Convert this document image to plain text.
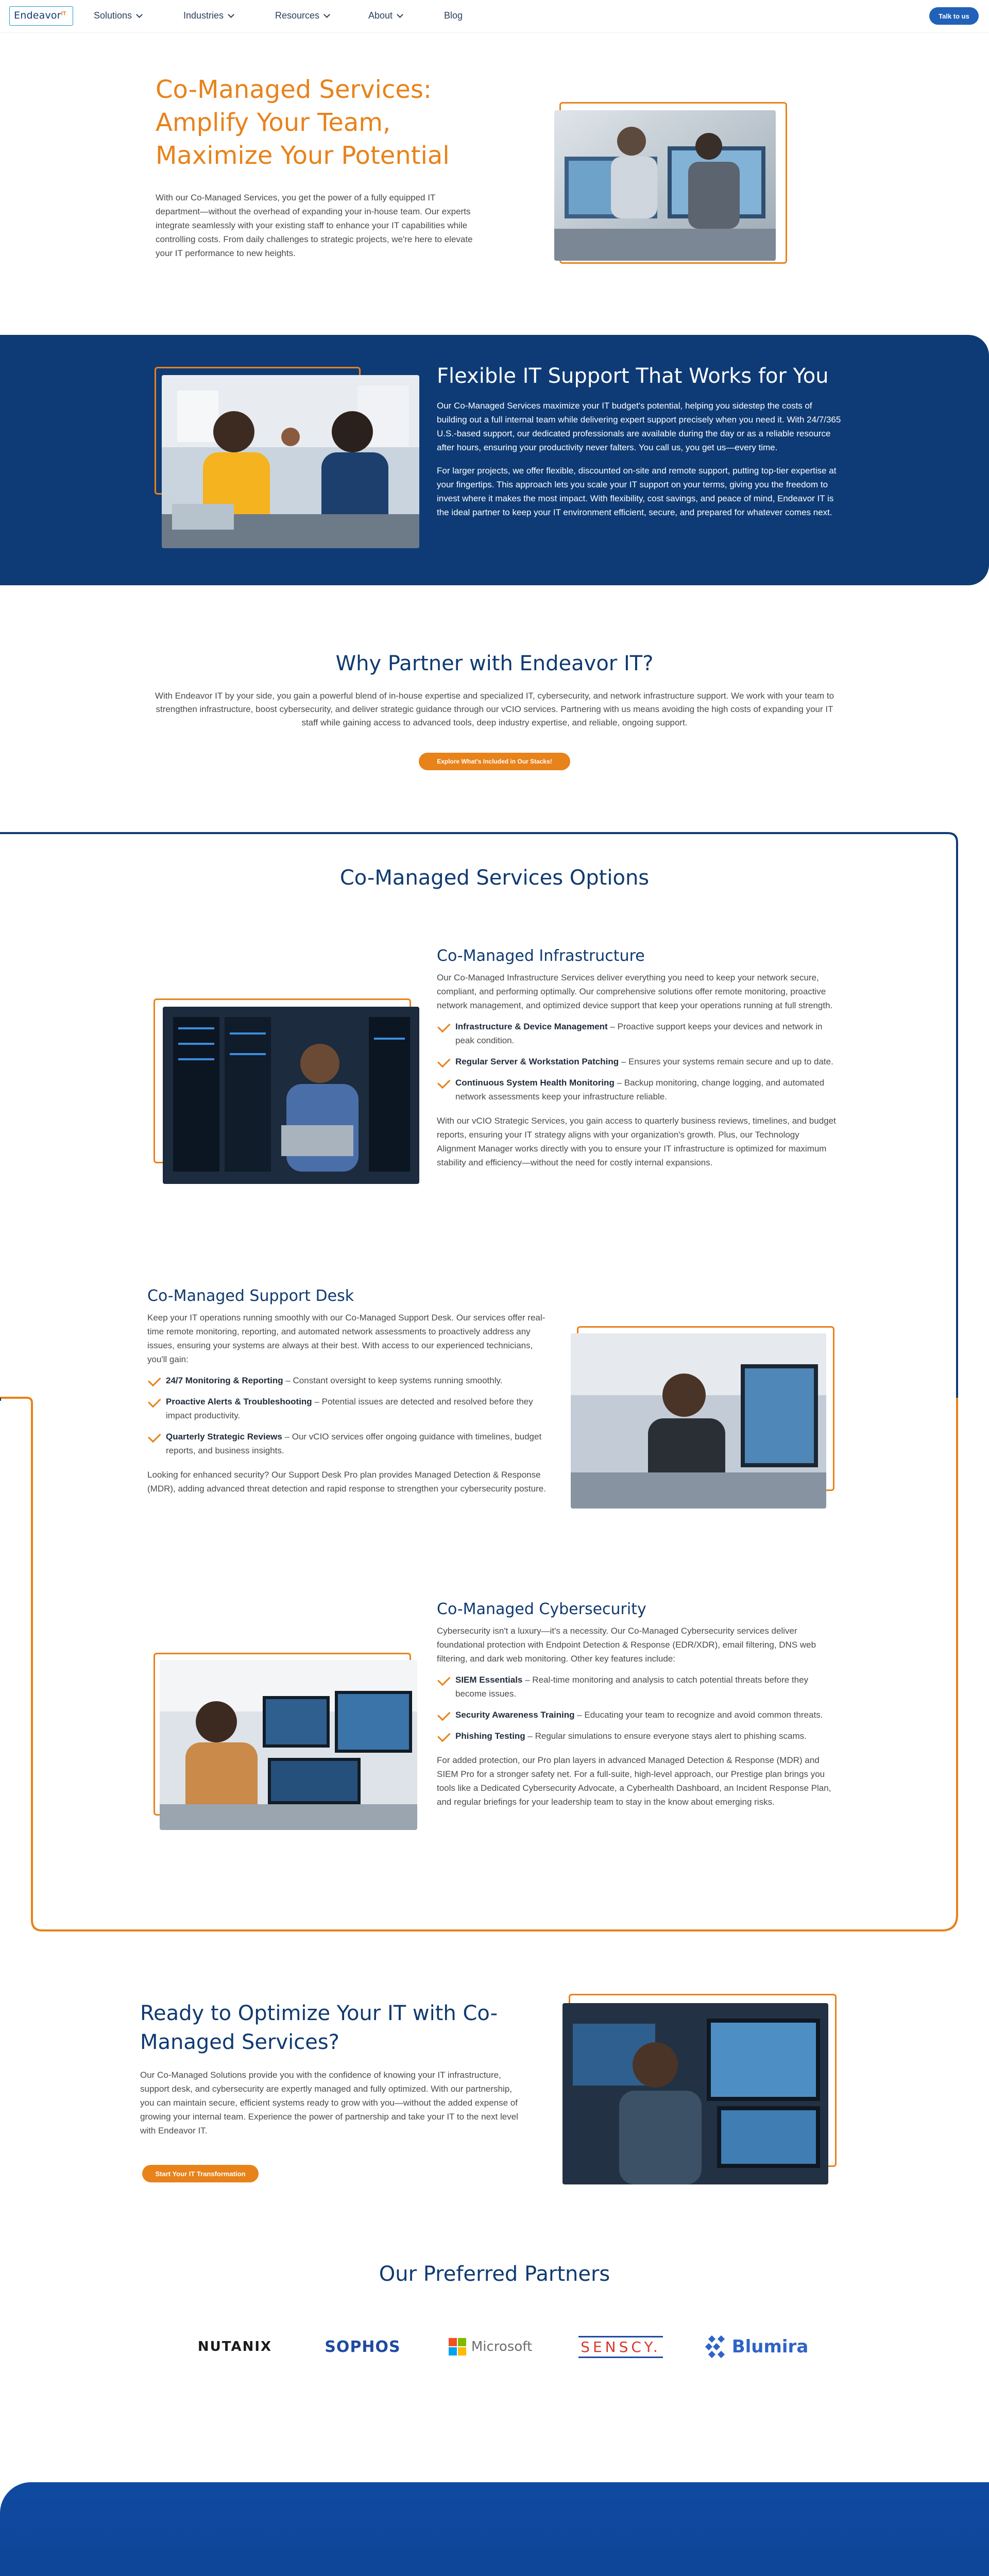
Endeavor$^{IT}$	Solutions	Industries	Resources	About	Blog	Talk to us
Co-Managed Services: Amplify Your Team, Maximize Your Potential

With our Co-Managed Services, you get the power of a fully equipped IT department—without the overhead of expanding your in-house team. Our experts integrate seamlessly with your existing staff to enhance your IT capabilities while controlling costs. From daily challenges to strategic projects, we're here to elevate your IT performance to new heights.

Flexible IT Support That Works for You

Our Co-Managed Services maximize your IT budget's potential, helping you sidestep the costs of building out a full internal team while delivering expert support precisely when you need it. With 24/7/365 U.S.-based support, our dedicated professionals are available during the day or as a reliable resource after hours, ensuring your productivity never falters. You call us, you get us—every time.

For larger projects, we offer flexible, discounted on-site and remote support, putting top-tier expertise at your fingertips. This approach lets you scale your IT support on your terms, giving you the freedom to invest where it makes the most impact. With flexibility, cost savings, and peace of mind, Endeavor IT is the ideal partner to keep your IT environment efficient, secure, and prepared for whatever comes next.

Why Partner with Endeavor IT?

With Endeavor IT by your side, you gain a powerful blend of in-house expertise and specialized IT, cybersecurity, and network infrastructure support. We work with your team to strengthen infrastructure, boost cybersecurity, and deliver strategic guidance through our vCIO services. Partnering with us means avoiding the high costs of expanding your IT staff while gaining access to advanced tools, deep industry expertise, and reliable, ongoing support.

Explore What's Included in Our Stacks!
Co-Managed Services Options
Co-Managed Infrastructure

Our Co-Managed Infrastructure Services deliver everything you need to keep your network secure, compliant, and performing optimally. Our comprehensive solutions offer remote monitoring, proactive network management, and optimized device support that keep your operations running at full strength.

Infrastructure & Device Management – Proactive support keeps your devices and network in peak condition.

Regular Server & Workstation Patching – Ensures your systems remain secure and up to date.

Continuous System Health Monitoring – Backup monitoring, change logging, and automated network assessments keep your infrastructure reliable.

With our vCIO Strategic Services, you gain access to quarterly business reviews, timelines, and budget reports, ensuring your IT strategy aligns with your organization's growth. Plus, our Technology Alignment Manager works directly with you to ensure your IT infrastructure is optimized for maximum stability and efficiency—without the need for costly internal expansions.

Co-Managed Support Desk

Keep your IT operations running smoothly with our Co-Managed Support Desk. Our services offer real-time remote monitoring, reporting, and automated network assessments to proactively address any issues, ensuring your systems are always at their best. With access to our experienced technicians, you'll gain:

24/7 Monitoring & Reporting – Constant oversight to keep systems running smoothly.

Proactive Alerts & Troubleshooting – Potential issues are detected and resolved before they impact productivity.

Quarterly Strategic Reviews – Our vCIO services offer ongoing guidance with timelines, budget reports, and business insights.

Looking for enhanced security? Our Support Desk Pro plan provides Managed Detection & Response (MDR), adding advanced threat detection and rapid response to strengthen your cybersecurity posture.

Co-Managed Cybersecurity

Cybersecurity isn't a luxury—it's a necessity. Our Co-Managed Cybersecurity services deliver foundational protection with Endpoint Detection & Response (EDR/XDR), email filtering, DNS web filtering, and dark web monitoring. Other key features include:

SIEM Essentials – Real-time monitoring and analysis to catch potential threats before they become issues.

Security Awareness Training – Educating your team to recognize and avoid common threats.

Phishing Testing – Regular simulations to ensure everyone stays alert to phishing scams.

For added protection, our Pro plan layers in advanced Managed Detection & Response (MDR) and SIEM Pro for a stronger safety net. For a full-suite, high-level approach, our Prestige plan brings you tools like a Dedicated Cybersecurity Advocate, a Cyberhealth Dashboard, an Incident Response Plan, and regular briefings for your leadership team to stay in the know about emerging risks.

Ready to Optimize Your IT with Co-Managed Services?

Our Co-Managed Solutions provide you with the confidence of knowing your IT infrastructure, support desk, and cybersecurity are expertly managed and fully optimized. With our partnership, you can maintain secure, efficient systems ready to grow with you—without the added expense of growing your internal team. Experience the power of partnership and take your IT to the next level with Endeavor IT.

Start Your IT Transformation
Our Preferred Partners
NUTANIX	SOPHOS	Microsoft	SENSCY.	Blumira
